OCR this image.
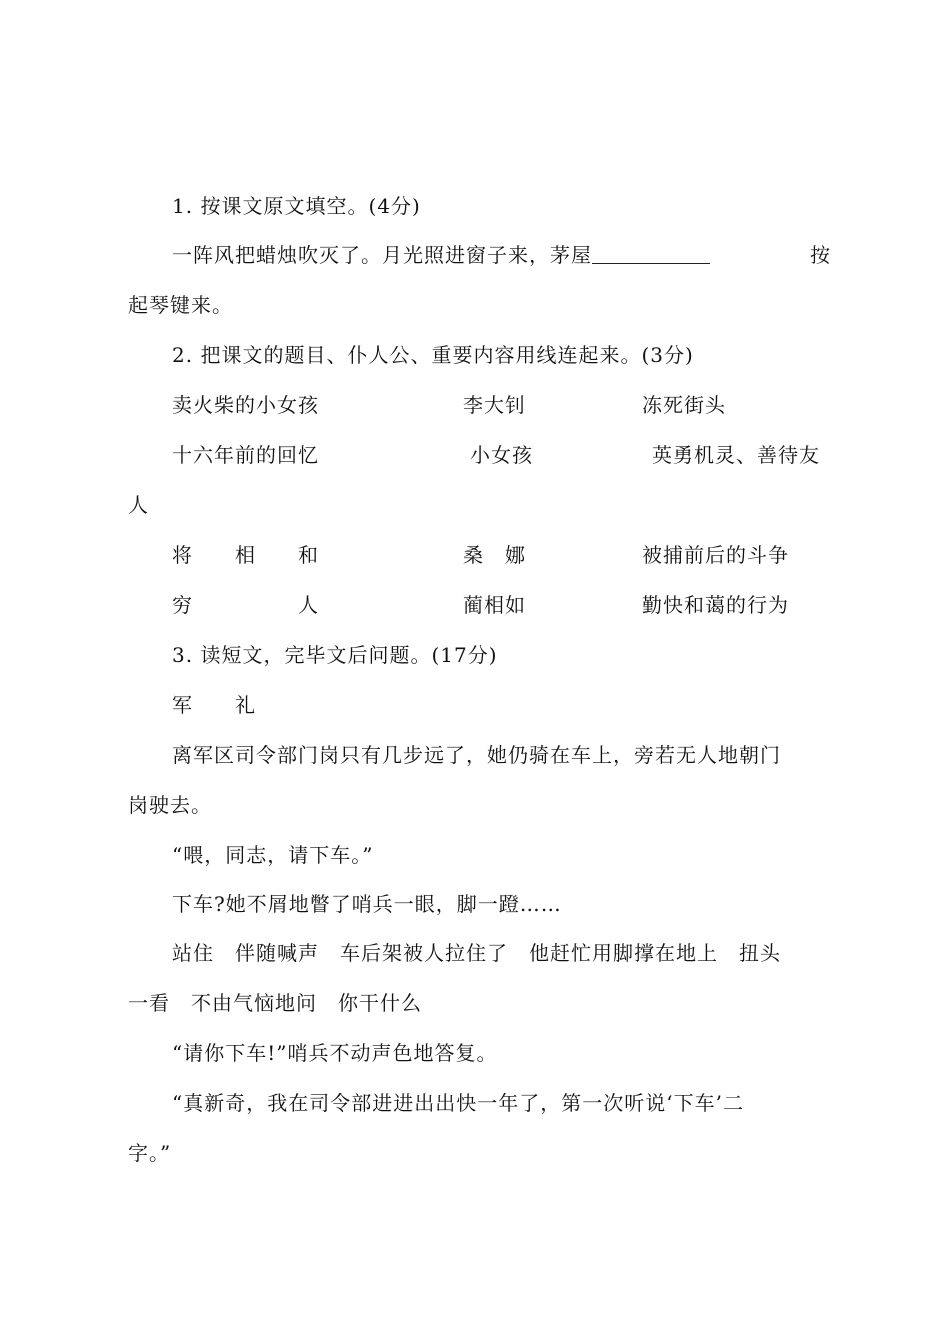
1. 按课文原文填空。(4分)
一阵风把蜡烛吹灭了。月光照进窗子来，茅屋	按
起琴键来。
2. 把课文的题目、仆人公、重要内容用线连起来。(3分)
卖火柴的小女孩	李大钊	冻死街头
十六年前的回忆	小女孩	英勇机灵、善待友
人
将　　相　　和	桑　娜	被捕前后的斗争
穷　　　　　人	蔺相如	勤快和蔼的行为
3. 读短文，完毕文后问题。(17分)
军　　礼
离军区司令部门岗只有几步远了，她仍骑在车上，旁若无人地朝门
岗驶去。
“喂，同志，请下车。”
下车?她不屑地瞥了哨兵一眼，脚一蹬……
站住　伴随喊声　车后架被人拉住了　他赶忙用脚撑在地上　扭头
一看　不由气恼地问　你干什么
“请你下车!”哨兵不动声色地答复。
“真新奇，我在司令部进进出出快一年了，第一次听说‘下车’二
字。”
